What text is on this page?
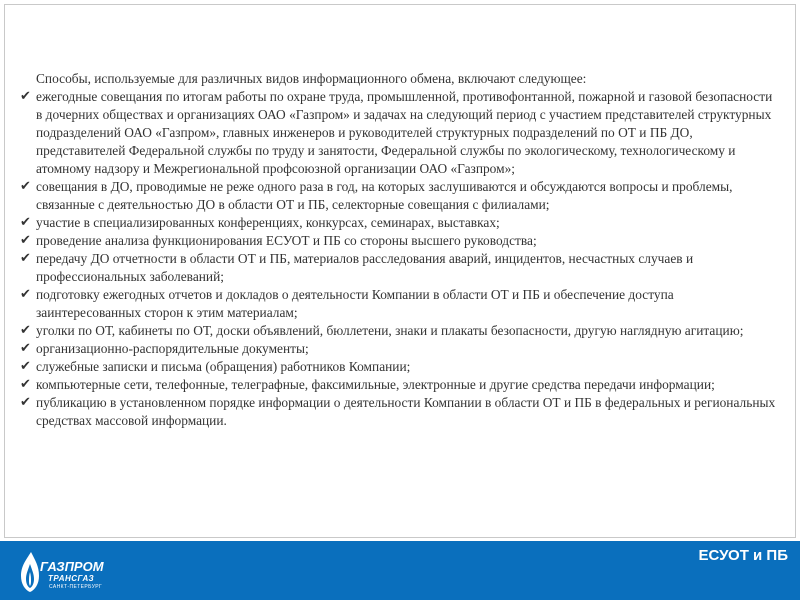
Способы, используемые для различных видов информационного обмена, включают следующее:

✔ ежегодные совещания по итогам работы по охране труда, промышленной, противофонтанной, пожарной и газовой безопасности в дочерних обществах и организациях ОАО «Газпром» и задачах на следующий период с участием представителей структурных подразделений ОАО «Газпром», главных инженеров и руководителей структурных подразделений по ОТ и ПБ ДО, представителей Федеральной службы по труду и занятости, Федеральной службы по экологическому, технологическому и атомному надзору и Межрегиональной профсоюзной организации ОАО «Газпром»;
✔ совещания в ДО, проводимые не реже одного раза в год, на которых заслушиваются и обсуждаются вопросы и проблемы, связанные с деятельностью ДО в области ОТ и ПБ, селекторные совещания с филиалами;
✔ участие в специализированных конференциях, конкурсах, семинарах, выставках;
✔ проведение анализа функционирования ЕСУОТ и ПБ со стороны высшего руководства;
✔ передачу ДО отчетности в области ОТ и ПБ, материалов расследования аварий, инцидентов, несчастных случаев и профессиональных заболеваний;
✔ подготовку ежегодных отчетов и докладов о деятельности Компании в области ОТ и ПБ и обеспечение доступа заинтересованных сторон к этим материалам;
✔ уголки по ОТ, кабинеты по ОТ, доски объявлений, бюллетени, знаки и плакаты безопасности, другую наглядную агитацию;
✔ организационно-распорядительные документы;
✔ служебные записки и письма (обращения) работников Компании;
✔ компьютерные сети, телефонные, телеграфные, факсимильные, электронные и другие средства передачи информации;
✔ публикацию в установленном порядке информации о деятельности Компании в области ОТ и ПБ в федеральных и региональных средствах массовой информации.
ГАЗПРОМ
ТРАНСГАЗ
САНКТ-ПЕТЕРБУРГ
ЕСУОТ и ПБ
